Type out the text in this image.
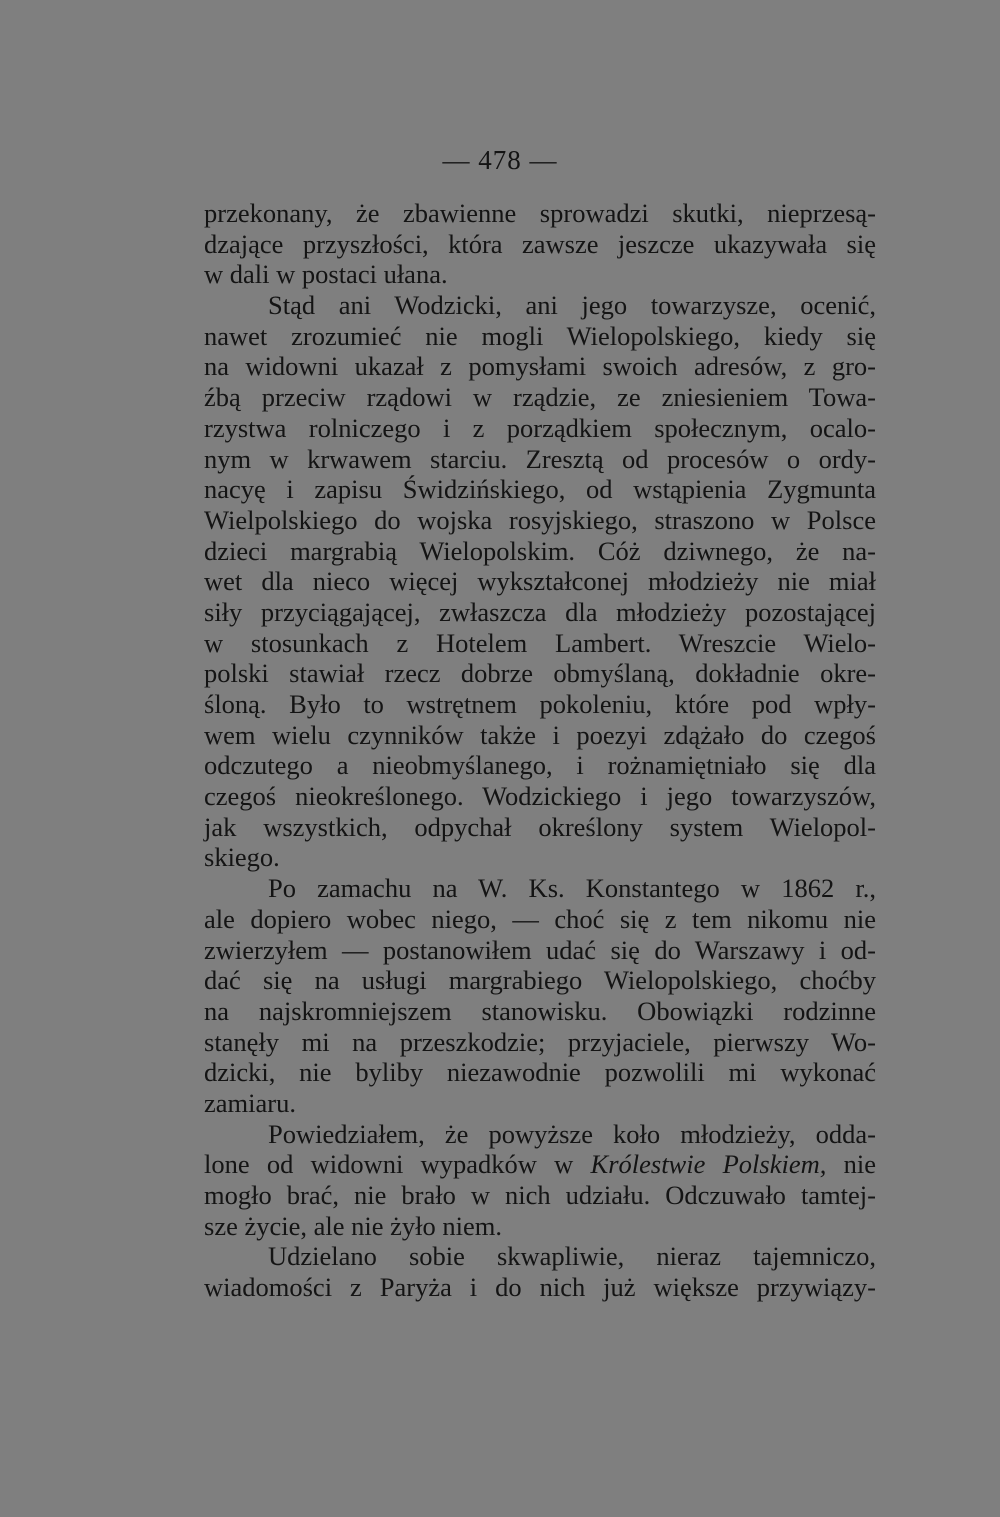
— 478 —
przekonany, że zbawienne sprowadzi skutki, nieprzesą-
dzające przyszłości, która zawsze jeszcze ukazywała się
w dali w postaci ułana.
Stąd ani Wodzicki, ani jego towarzysze, ocenić,
nawet zrozumieć nie mogli Wielopolskiego, kiedy się
na widowni ukazał z pomysłami swoich adresów, z gro-
źbą przeciw rządowi w rządzie, ze zniesieniem Towa-
rzystwa rolniczego i z porządkiem społecznym, ocalo-
nym w krwawem starciu. Zresztą od procesów o ordy-
nacyę i zapisu Świdzińskiego, od wstąpienia Zygmunta
Wielpolskiego do wojska rosyjskiego, straszono w Polsce
dzieci margrabią Wielopolskim. Cóż dziwnego, że na-
wet dla nieco więcej wykształconej młodzieży nie miał
siły przyciągającej, zwłaszcza dla młodzieży pozostającej
w stosunkach z Hotelem Lambert. Wreszcie Wielo-
polski stawiał rzecz dobrze obmyślaną, dokładnie okre-
śloną. Było to wstrętnem pokoleniu, które pod wpły-
wem wielu czynników także i poezyi zdążało do czegoś
odczutego a nieobmyślanego, i rożnamiętniało się dla
czegoś nieokreślonego. Wodzickiego i jego towarzyszów,
jak wszystkich, odpychał określony system Wielopol-
skiego.
Po zamachu na W. Ks. Konstantego w 1862 r.,
ale dopiero wobec niego, — choć się z tem nikomu nie
zwierzyłem — postanowiłem udać się do Warszawy i od-
dać się na usługi margrabiego Wielopolskiego, choćby
na najskromniejszem stanowisku. Obowiązki rodzinne
stanęły mi na przeszkodzie; przyjaciele, pierwszy Wo-
dzicki, nie byliby niezawodnie pozwolili mi wykonać
zamiaru.
Powiedziałem, że powyższe koło młodzieży, odda-
lone od widowni wypadków w Królestwie Polskiem, nie
mogło brać, nie brało w nich udziału. Odczuwało tamtej-
sze życie, ale nie żyło niem.
Udzielano sobie skwapliwie, nieraz tajemniczo,
wiadomości z Paryża i do nich już większe przywiązy-
